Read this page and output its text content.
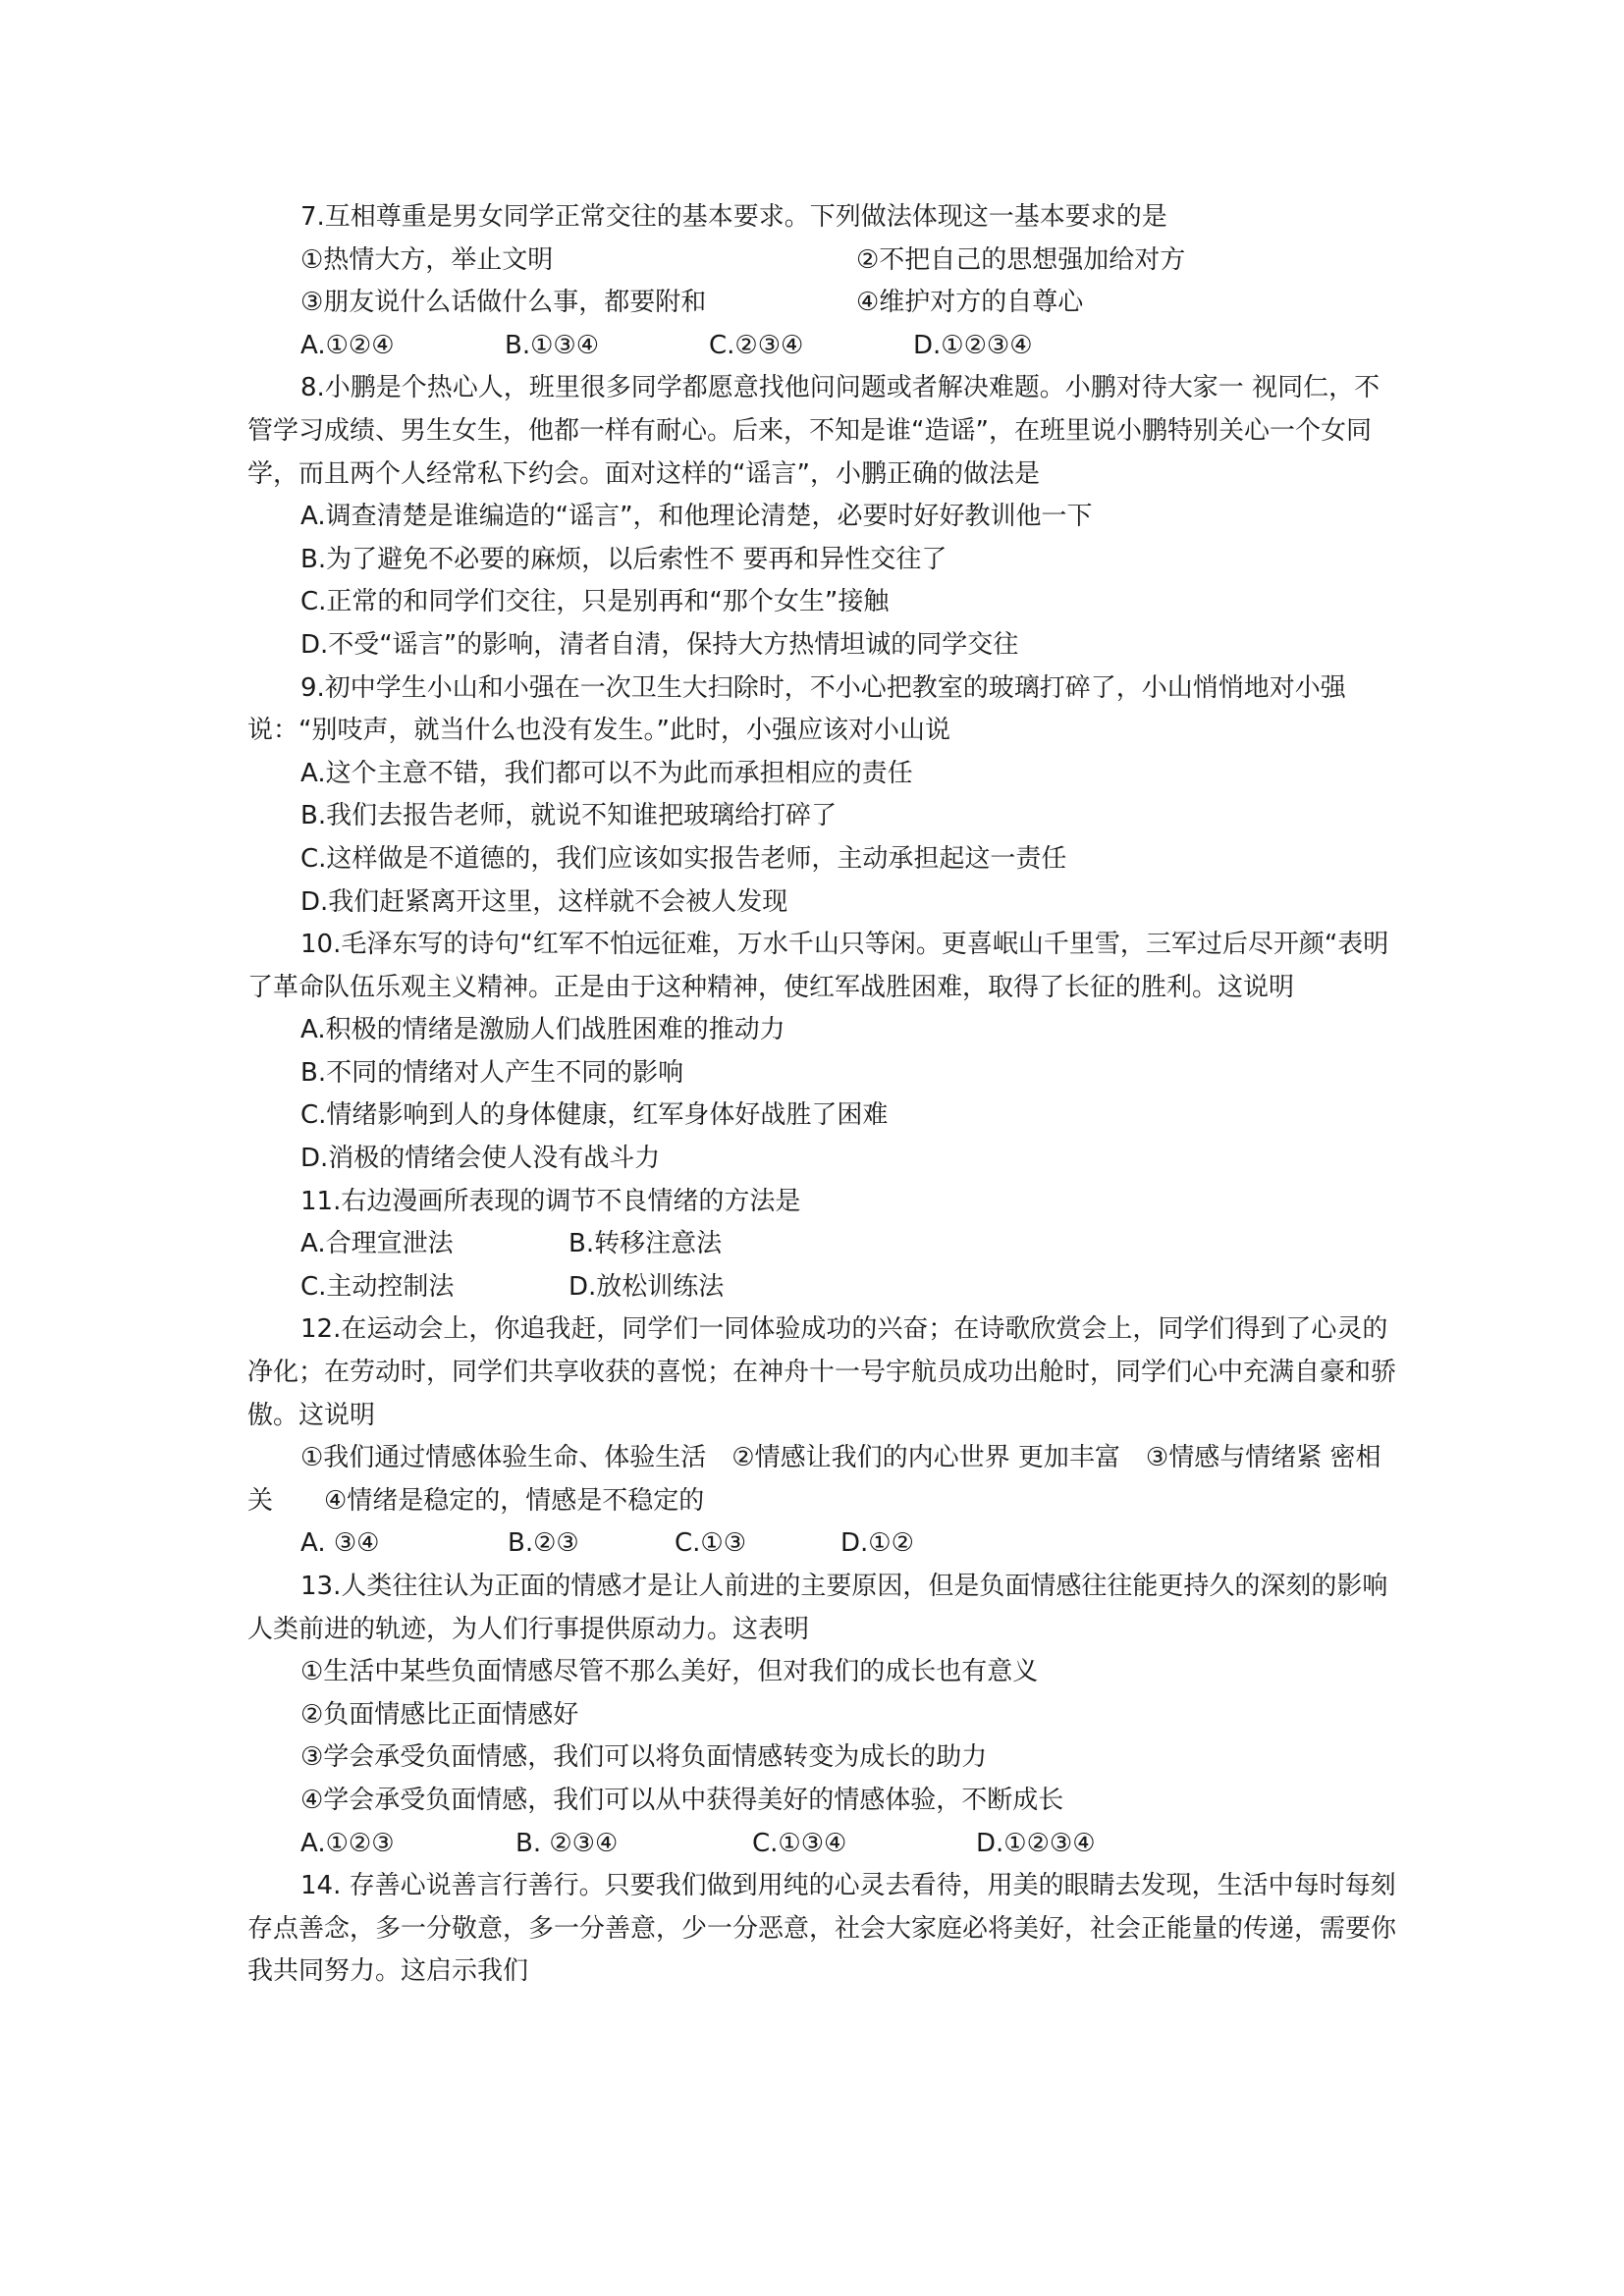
7.互相尊重是男女同学正常交往的基本要求。下列做法体现这一基本要求的是

①热情大方，举止文明	②不把自己的思想强加给对方
③朋友说什么话做什么事，都要附和	④维护对方的自尊心
A.①②④	B.①③④	C.②③④	D.①②③④

8.小鹏是个热心人，班里很多同学都愿意找他问问题或者解决难题。小鹏对待大家一 视同仁，不管学习成绩、男生女生，他都一样有耐心。后来，不知是谁“造谣”，在班里说小鹏特别关心一个女同学，而且两个人经常私下约会。面对这样的“谣言”，小鹏正确的做法是

A.调查清楚是谁编造的“谣言”，和他理论清楚，必要时好好教训他一下

B.为了避免不必要的麻烦，以后索性不 要再和异性交往了

C.正常的和同学们交往，只是别再和“那个女生”接触

D.不受“谣言”的影响，清者自清，保持大方热情坦诚的同学交往

9.初中学生小山和小强在一次卫生大扫除时，不小心把教室的玻璃打碎了，小山悄悄地对小强说：“别吱声，就当什么也没有发生。”此时，小强应该对小山说

A.这个主意不错，我们都可以不为此而承担相应的责任

B.我们去报告老师，就说不知谁把玻璃给打碎了

C.这样做是不道德的，我们应该如实报告老师，主动承担起这一责任

D.我们赶紧离开这里，这样就不会被人发现

10.毛泽东写的诗句“红军不怕远征难，万水千山只等闲。更喜岷山千里雪，三军过后尽开颜“表明了革命队伍乐观主义精神。正是由于这种精神，使红军战胜困难，取得了长征的胜利。这说明

A.积极的情绪是激励人们战胜困难的推动力

B.不同的情绪对人产生不同的影响

C.情绪影响到人的身体健康，红军身体好战胜了困难

D.消极的情绪会使人没有战斗力

11.右边漫画所表现的调节不良情绪的方法是

A.合理宣泄法	B.转移注意法
C.主动控制法	D.放松训练法

12.在运动会上，你追我赶，同学们一同体验成功的兴奋；在诗歌欣赏会上，同学们得到了心灵的净化；在劳动时，同学们共享收获的喜悦；在神舟十一号宇航员成功出舱时，同学们心中充满自豪和骄傲。这说明

①我们通过情感体验生命、体验生活　②情感让我们的内心世界 更加丰富　③情感与情绪紧 密相关　　④情绪是稳定的，情感是不稳定的

A. ③④	B.②③	C.①③	D.①②

13.人类往往认为正面的情感才是让人前进的主要原因，但是负面情感往往能更持久的深刻的影响人类前进的轨迹，为人们行事提供原动力。这表明

①生活中某些负面情感尽管不那么美好，但对我们的成长也有意义

②负面情感比正面情感好

③学会承受负面情感，我们可以将负面情感转变为成长的助力

④学会承受负面情感，我们可以从中获得美好的情感体验，不断成长

A.①②③	B. ②③④	C.①③④	D.①②③④

14. 存善心说善言行善行。只要我们做到用纯的心灵去看待，用美的眼睛去发现，生活中每时每刻存点善念，多一分敬意，多一分善意，少一分恶意，社会大家庭必将美好，社会正能量的传递，需要你我共同努力。这启示我们
